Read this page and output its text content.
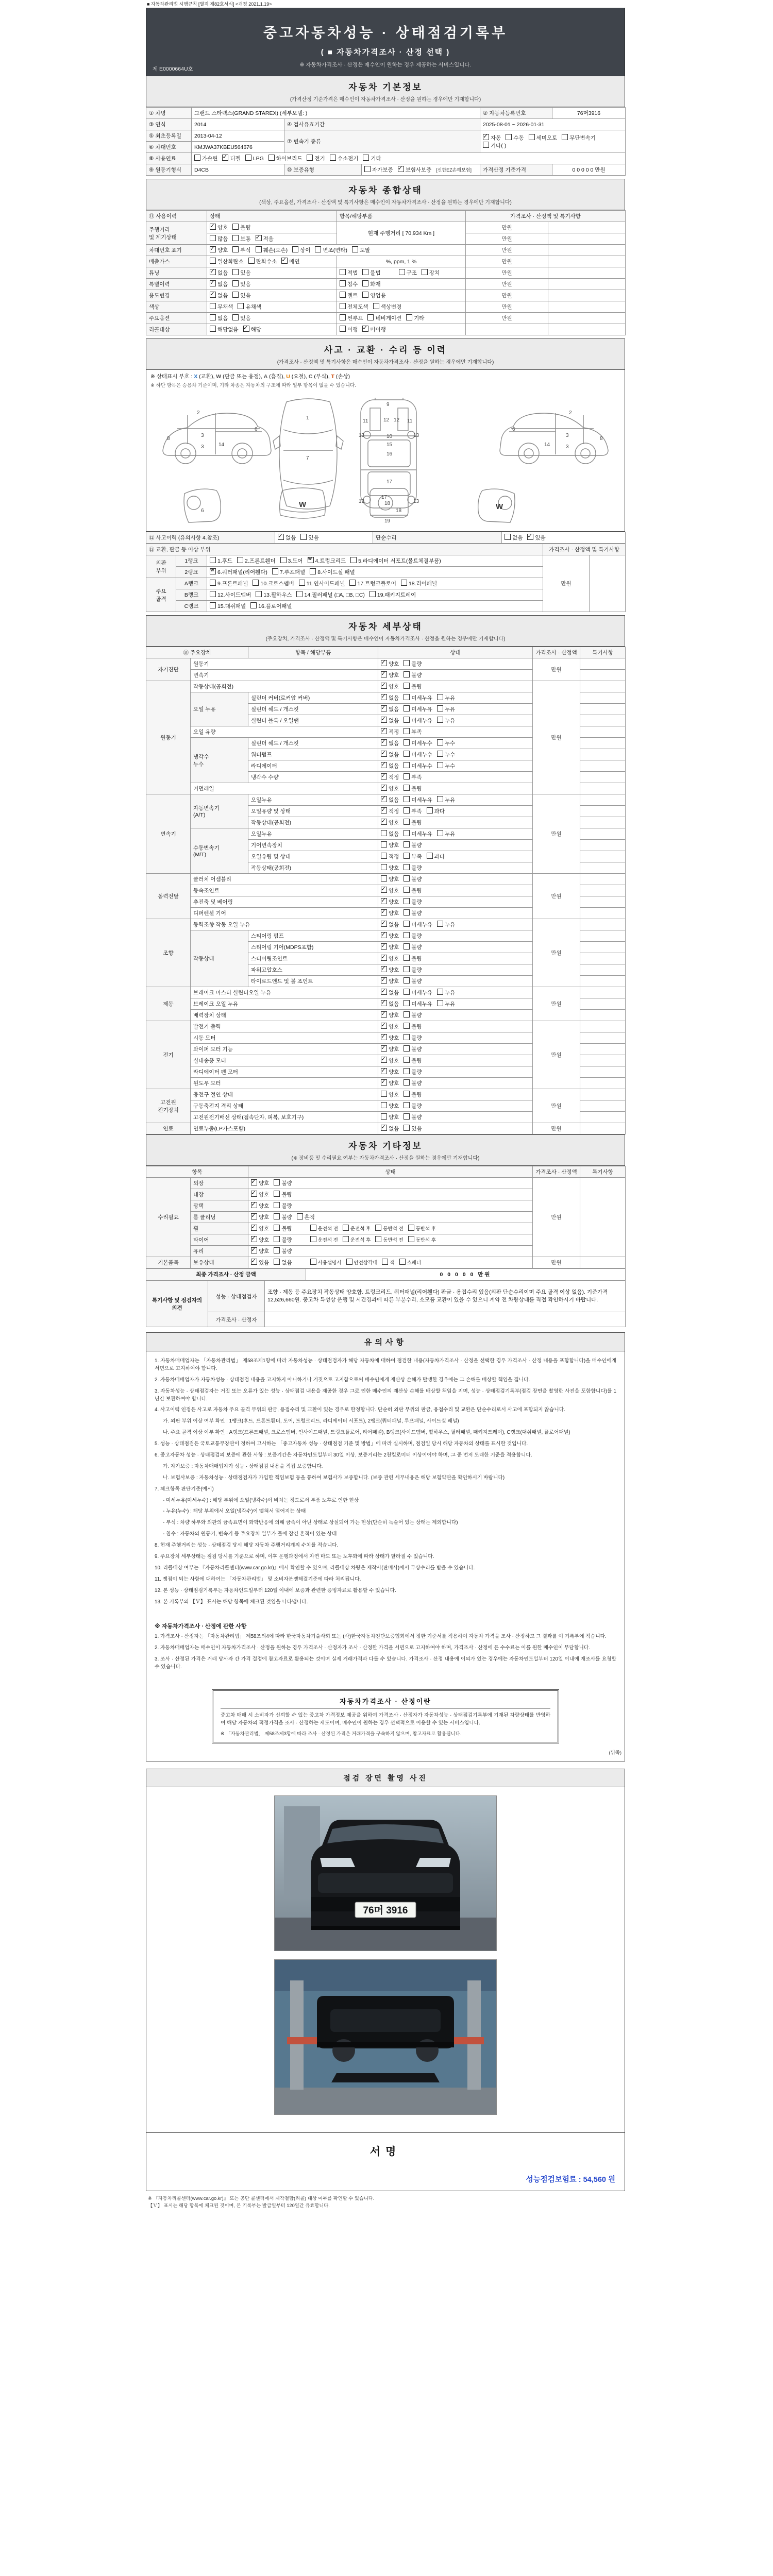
■ 자동차관리법 시행규칙 [별지 제82호서식] <개정 2021.1.19>
중고자동차성능 · 상태점검기록부
( ■ 자동차가격조사 · 산정 선택 )
※ 자동차가격조사 · 산정은 매수인이 원하는 경우 제공하는 서비스입니다.
제 E0000664U호
자동차 기본정보
(가격산정 기준가격은 매수인이 자동차가격조사 · 산정을 원하는 경우에만 기재합니다)
① 차명	그랜드 스타렉스(GRAND STAREX) (세부모델: )			② 자동차등록번호	76머3916
③ 연식	2014	④ 검사유효기간		2025-08-01 ~ 2026-01-31	
⑤ 최초등록일	2013-04-12	⑦ 변속기 종류	✓자동 수동 세미오토 무단변속기기타( )
⑥ 차대번호	KMJWA37KBEU564676				
⑧ 사용연료	가솔린 ✓ 디젤 LPG 하이브리드 전기 수소전기 기타
⑨ 원동기형식	D4CB	⑩ 보증유형	자가보증 ✓ 보험사보증 [신한EZ손해보험]	가격산정 기준가격	0 0 0 0 0 만원
자동차 종합상태
(색상, 주요옵션, 가격조사 · 산정액 및 특기사항은 매수인이 자동차가격조사 · 산정을 원하는 경우에만 기재합니다)
⑪ 사용이력	상태	항목/해당부품	가격조사 · 산정액 및 특기사항	
주행거리
및 계기상태	✓양호 불량	현재 주행거리 [ 70,934 Km ]	만원	
	많음 보통 ✓ 적음		만원	
차대번호 표기	✓양호 부식 훼손(오손) 상이 변조(변타) 도말		만원	
배출가스	일산화탄소 탄화수소 ✓ 매연	%, ppm, 1 %	만원	
튜닝	✓없음 있음	적법 불법 구조 장치	만원	
특별이력	✓없음 있음	침수 화재	만원	
용도변경	✓없음 있음	렌트 영업용	만원	
색상	무채색 유채색	전체도색 색상변경	만원	
주요옵션	없음 있음	썬루프 네비게이션 기타	만원	
리콜대상	해당없음 ✓ 해당	이행 ✓ 미이행		
사고 · 교환 · 수리 등 이력
(가격조사 · 산정액 및 특기사항은 매수인이 자동차가격조사 · 산정을 원하는 경우에만 기재합니다)
※ 상태표시 부호 : X (교환), W (판금 또는 용접), A (흠집), U (요철), C (부식), T (손상)
※ 하단 항목은 승용차 기준이며, 기타 차종은 자동차의 구조에 따라 일부 항목이 없을 수 있습니다.
2
8
3
3	14
6
1
7
9
11	11
13	13
12 12
10
15
16
17
18
13	13
19
2
8
3
3
14
6
6
17
18
W	W
⑫ 사고이력 (유의사항 4.참조)	✓없음 있음	단순수리	없음 ✓ 있음
⑬ 교환, 판금 등 이상 부위			가격조사 · 산정액 및 특기사항	
외판
부위	1랭크	1.후드 2.프론트휀더 3.도어 W 4.트렁크리드 5.라디에이터 서포트(볼트체결부품)	만원	
	2랭크	W6.쿼터패널(리어휀다) 7.루프패널 8.사이드실 패널
주요
골격	A랭크	9.프론트패널 10.크로스멤버 11.인사이드패널 17.트렁크플로어 18.리어패널		
	B랭크	12.사이드멤버 13.휠하우스 14.필러패널 (□A, □B, □C) 19.패키지트레이		
	C랭크	15.대쉬패널 16.플로어패널		
자동차 세부상태
(주요장치, 가격조사 · 산정액 및 특기사항은 매수인이 자동차가격조사 · 산정을 원하는 경우에만 기재합니다)
⑭ 주요장치		항목 / 해당부품	상태	가격조사 · 산정액	특기사항
자기진단	원동기	✓양호 불량	만원	
	변속기	✓양호 불량	
원동기	작동상태(공회전)	✓양호 불량	만원	
	오일 누유	실린더 커버(로커암 커버)	✓없음 미세누유 누유	
		실린더 헤드 / 개스킷	✓없음 미세누유 누유	
		실린더 블록 / 오일팬	✓없음 미세누유 누유	
	오일 유량	✓적정 부족	
	냉각수
누수	실린더 헤드 / 개스킷	✓없음 미세누수 누수	
		워터펌프	✓없음 미세누수 누수	
		라디에이터	✓없음 미세누수 누수	
		냉각수 수량	✓적정 부족	
	커먼레일	✓양호 불량	
변속기	자동변속기
(A/T)	오일누유	✓없음 미세누유 누유	만원	
		오일유량 및 상태	✓적정 부족 과다	
		작동상태(공회전)	✓양호 불량	
	수동변속기
(M/T)	오일누유	없음 미세누유 누유		
		기어변속장치	양호 불량		
		오일유량 및 상태	적정 부족 과다		
		작동상태(공회전)	양호 불량		
동력전달	클러치 어셈블리		양호 불량	만원	
	등속조인트	✓양호 불량	
	추진축 및 베어링	✓양호 불량	
	디퍼렌셜 기어	✓양호 불량	
조향	동력조향 작동 오일 누유	✓없음 미세누유 누유	만원	
	작동상태	스티어링 펌프	✓양호 불량	
		스티어링 기어(MDPS포함)	✓양호 불량	
		스티어링조인트	✓양호 불량	
		파워고압호스	✓양호 불량	
		타이로드엔드 및 볼 조인트	✓양호 불량	
제동	브레이크 마스터 실린더오일 누유	✓없음 미세누유 누유	만원	
	브레이크 오일 누유	✓없음 미세누유 누유	
	배력장치 상태	✓양호 불량	
전기	발전기 출력	✓양호 불량	만원	
	시동 모터	✓양호 불량	
	와이퍼 모터 기능	✓양호 불량	
	실내송풍 모터	✓양호 불량	
	라디에이터 팬 모터	✓양호 불량	
	윈도우 모터	✓양호 불량	
고전원
전기장치	충전구 절연 상태		양호 불량	만원	
	구동축전지 격리 상태		양호 불량		
	고전원전기배선 상태(접속단자, 피복, 보호기구)		양호 불량		
연료	연료누출(LP가스포함)	✓없음 있음	만원	
자동차 기타정보
(※ 장비품 및 수리필요 여부는 자동차가격조사 · 산정을 원하는 경우에만 기재합니다)
항목		상태	가격조사 · 산정액	특기사항
수리필요	외장	✓양호 불량	만원	
	내장	✓양호 불량
	광택	✓양호 불량
	룸 클리닝	✓양호 불량 흔적
	휠	✓양호 불량 운전석 전 운전석 후 동반석 전 동반석 후
	타이어	✓양호 불량 운전석 전 운전석 후 동반석 전 동반석 후
	유리	✓양호 불량
기본품목	보유상태	✓있음 없음 사용설명서 안전삼각대 잭 스패너	만원	
최종 가격조사 · 산정 금액	0 0 0 0 0 만원
특기사항 및 점검자의 의견	성능 · 상태점검자	조향 · 제동 등 주요장치 작동상태 양호함. 트렁크리드, 쿼터패널(리어휀다) 판금 · 용접수리 있음(외판 단순수리이며 주요 골격 이상 없음). 기준가격 12,526,660원. 중고차 특성상 운행 및 시간경과에 따른 부분수리, 소모품 교환이 있을 수 있으니 계약 전 차량상태를 직접 확인하시기 바랍니다.
	가격조사 · 산정자	
유의사항

1. 자동차매매업자는 「자동차관리법」 제58조제1항에 따라 자동차성능 · 상태점검자가 해당 자동차에 대하여 점검한 내용(자동차가격조사 · 산정을 선택한 경우 가격조사 · 산정 내용을 포함합니다)을 매수인에게 서면으로 고지하여야 합니다.

2. 자동차매매업자가 자동차성능 · 상태점검 내용을 고지하지 아니하거나 거짓으로 고지함으로써 매수인에게 재산상 손해가 발생한 경우에는 그 손해를 배상할 책임을 집니다.

3. 자동차성능 · 상태점검자는 거짓 또는 오류가 있는 성능 · 상태점검 내용을 제공한 경우 그로 인한 매수인의 재산상 손해를 배상할 책임을 지며, 성능 · 상태점검기록부(점검 장면을 촬영한 사진을 포함합니다)를 1년간 보관하여야 합니다.

4. 사고이력 인정은 사고로 자동차 주요 골격 부위의 판금, 용접수리 및 교환이 있는 경우로 한정합니다. 단순히 외판 부위의 판금, 용접수리 및 교환은 단순수리로서 사고에 포함되지 않습니다.

가. 외판 부위 이상 여부 확인 : 1랭크(후드, 프론트휀더, 도어, 트렁크리드, 라디에이터 서포트), 2랭크(쿼터패널, 루프패널, 사이드실 패널)

나. 주요 골격 이상 여부 확인 : A랭크(프론트패널, 크로스멤버, 인사이드패널, 트렁크플로어, 리어패널), B랭크(사이드멤버, 휠하우스, 필러패널, 패키지트레이), C랭크(대쉬패널, 플로어패널)

5. 성능 · 상태점검은 국토교통부장관이 정하여 고시하는 「중고자동차 성능 · 상태점검 기준 및 방법」에 따라 실시하며, 점검일 당시 해당 자동차의 상태를 표시한 것입니다.

6. 중고자동차 성능 · 상태점검의 보증에 관한 사항 : 보증기간은 자동차인도일부터 30일 이상, 보증거리는 2천킬로미터 이상이어야 하며, 그 중 먼저 도래한 기준을 적용합니다.

가. 자가보증 : 자동차매매업자가 성능 · 상태점검 내용을 직접 보증합니다.

나. 보험사보증 : 자동차성능 · 상태점검자가 가입한 책임보험 등을 통하여 보험사가 보증합니다. (보증 관련 세부내용은 해당 보험약관을 확인하시기 바랍니다)

7. 체크항목 판단기준(예시)

- 미세누유(미세누수) : 해당 부위에 오일(냉각수)이 비치는 정도로서 부품 노후로 인한 현상

- 누유(누수) : 해당 부위에서 오일(냉각수)이 맺혀서 떨어지는 상태

- 부식 : 차량 하부와 외판의 금속표면이 화학반응에 의해 금속이 아닌 상태로 상실되어 가는 현상(단순히 녹슬어 있는 상태는 제외합니다)

- 침수 : 자동차의 원동기, 변속기 등 주요장치 일부가 물에 잠긴 흔적이 있는 상태

8. 현재 주행거리는 성능 · 상태점검 당시 해당 자동차 주행거리계의 수치를 적습니다.

9. 주요장치 세부상태는 점검 당시를 기준으로 하며, 이후 운행과정에서 자연 마모 또는 노후화에 따라 상태가 달라질 수 있습니다.

10. 리콜대상 여부는 『자동차리콜센터(www.car.go.kr)』에서 확인할 수 있으며, 리콜대상 차량은 제작사(판매사)에서 무상수리를 받을 수 있습니다.

11. 쟁점이 되는 사항에 대하여는 「자동차관리법」 및 소비자분쟁해결기준에 따라 처리됩니다.

12. 본 성능 · 상태점검기록부는 자동차인도일부터 120일 이내에 보증과 관련한 증빙자료로 활용할 수 있습니다.

13. 본 기록부의 【Ｖ】 표시는 해당 항목에 체크된 것임을 나타냅니다.

※ 자동차가격조사 · 산정에 관한 사항

1. 가격조사 · 산정자는 「자동차관리법」 제58조의4에 따라 한국자동차기술사회 또는 (사)한국자동차진단보증협회에서 정한 기준서를 적용하여 자동차 가격을 조사 · 산정하고 그 결과를 이 기록부에 적습니다.

2. 자동차매매업자는 매수인이 자동차가격조사 · 산정을 원하는 경우 가격조사 · 산정자가 조사 · 산정한 가격을 서면으로 고지하여야 하며, 가격조사 · 산정에 든 수수료는 이를 원한 매수인이 부담합니다.

3. 조사 · 산정된 가격은 거래 당사자 간 가격 결정에 참고자료로 활용되는 것이며 실제 거래가격과 다를 수 있습니다. 가격조사 · 산정 내용에 이의가 있는 경우에는 자동차인도일부터 120일 이내에 재조사를 요청할 수 있습니다.

자동차가격조사 · 산정이란
중고차 매매 시 소비자가 신뢰할 수 있는 중고차 가격정보 제공을 위하여 가격조사 · 산정자가 자동차성능 · 상태점검기록부에 기재된 차량상태를 반영하여 해당 자동차의 적정가격을 조사 · 산정하는 제도이며, 매수인이 원하는 경우 선택적으로 이용할 수 있는 서비스입니다.
※ 「자동차관리법」 제58조제3항에 따라 조사 · 산정된 가격은 거래가격을 구속하지 않으며, 참고자료로 활용됩니다.
(뒤쪽)
점검 장면 촬영 사진
76머 3916
서명
성능점검보험료 : 54,560 원
※ 『자동차리콜센터(www.car.go.kr)』 또는 공단 콜센터에서 제작결함(리콜) 대상 여부를 확인할 수 있습니다.
【Ｖ】 표시는 해당 항목에 체크된 것이며, 본 기록부는 발급일부터 120일간 유효합니다.
